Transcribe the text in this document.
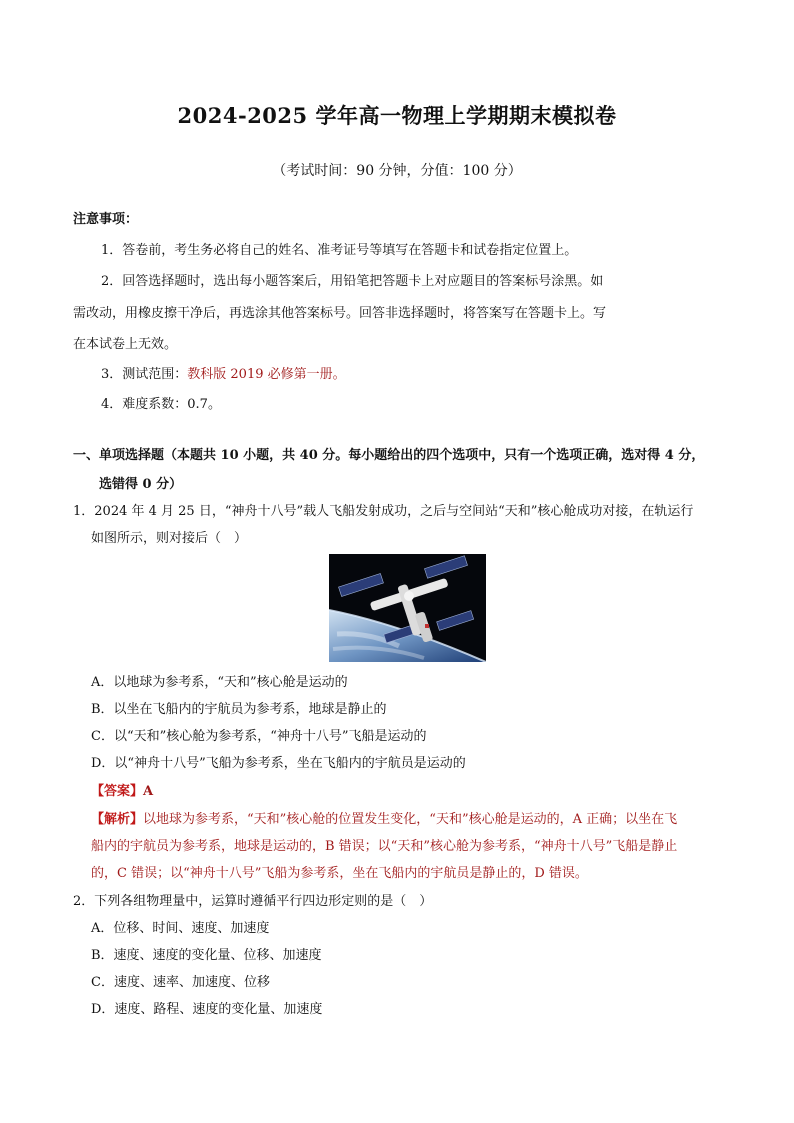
2024-2025 学年高一物理上学期期末模拟卷
（考试时间：90 分钟，分值：100 分）
注意事项：
1．答卷前，考生务必将自己的姓名、准考证号等填写在答题卡和试卷指定位置上。
2．回答选择题时，选出每小题答案后，用铅笔把答题卡上对应题目的答案标号涂黑。如
需改动，用橡皮擦干净后，再选涂其他答案标号。回答非选择题时，将答案写在答题卡上。写
在本试卷上无效。
3．测试范围：教科版 2019 必修第一册。
4．难度系数：0.7。
一、单项选择题（本题共 10 小题，共 40 分。每小题给出的四个选项中，只有一个选项正确，选对得 4 分，
选错得 0 分）
1．2024 年 4 月 25 日，“神舟十八号”载人飞船发射成功，之后与空间站“天和”核心舱成功对接，在轨运行
如图所示，则对接后（　）
A．以地球为参考系，“天和”核心舱是运动的
B．以坐在飞船内的宇航员为参考系，地球是静止的
C．以“天和”核心舱为参考系，“神舟十八号”飞船是运动的
D．以“神舟十八号”飞船为参考系，坐在飞船内的宇航员是运动的
【答案】A
【解析】以地球为参考系，“天和”核心舱的位置发生变化，“天和”核心舱是运动的，A 正确；以坐在飞
船内的宇航员为参考系，地球是运动的，B 错误；以“天和”核心舱为参考系，“神舟十八号”飞船是静止
的，C 错误；以“神舟十八号”飞船为参考系，坐在飞船内的宇航员是静止的，D 错误。
2．下列各组物理量中，运算时遵循平行四边形定则的是（　）
A．位移、时间、速度、加速度
B．速度、速度的变化量、位移、加速度
C．速度、速率、加速度、位移
D．速度、路程、速度的变化量、加速度
